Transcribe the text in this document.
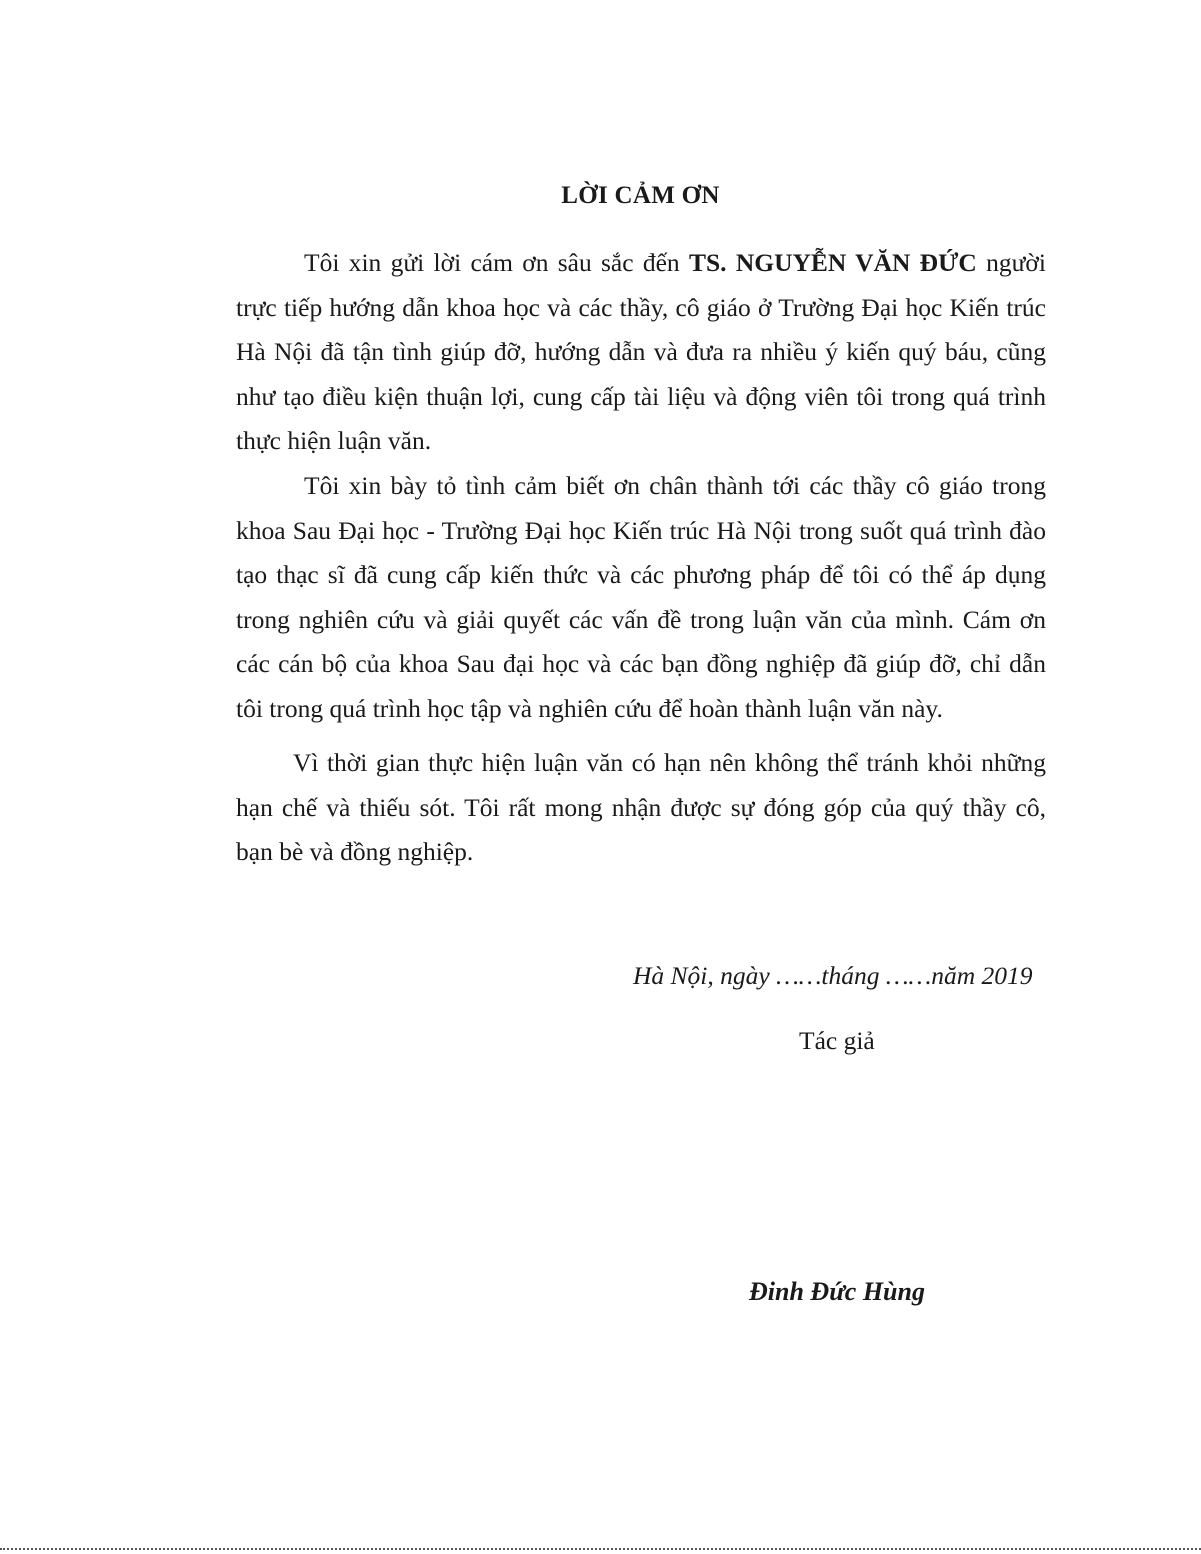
LỜI CẢM ƠN

Tôi xin gửi lời cám ơn sâu sắc đến TS. NGUYỄN VĂN ĐỨC người trực tiếp hướng dẫn khoa học và các thầy, cô giáo ở Trường Đại học Kiến trúc Hà Nội đã tận tình giúp đỡ, hướng dẫn và đưa ra nhiều ý kiến quý báu, cũng như tạo điều kiện thuận lợi, cung cấp tài liệu và động viên tôi trong quá trình thực hiện luận văn.

Tôi xin bày tỏ tình cảm biết ơn chân thành tới các thầy cô giáo trong khoa Sau Đại học - Trường Đại học Kiến trúc Hà Nội trong suốt quá trình đào tạo thạc sĩ đã cung cấp kiến thức và các phương pháp để tôi có thể áp dụng trong nghiên cứu và giải quyết các vấn đề trong luận văn của mình. Cám ơn các cán bộ của khoa Sau đại học và các bạn đồng nghiệp đã giúp đỡ, chỉ dẫn tôi trong quá trình học tập và nghiên cứu để hoàn thành luận văn này.

Vì thời gian thực hiện luận văn có hạn nên không thể tránh khỏi những hạn chế và thiếu sót. Tôi rất mong nhận được sự đóng góp của quý thầy cô, bạn bè và đồng nghiệp.

Hà Nội, ngày ……tháng ……năm 2019
Tác giả
Đinh Đức Hùng
